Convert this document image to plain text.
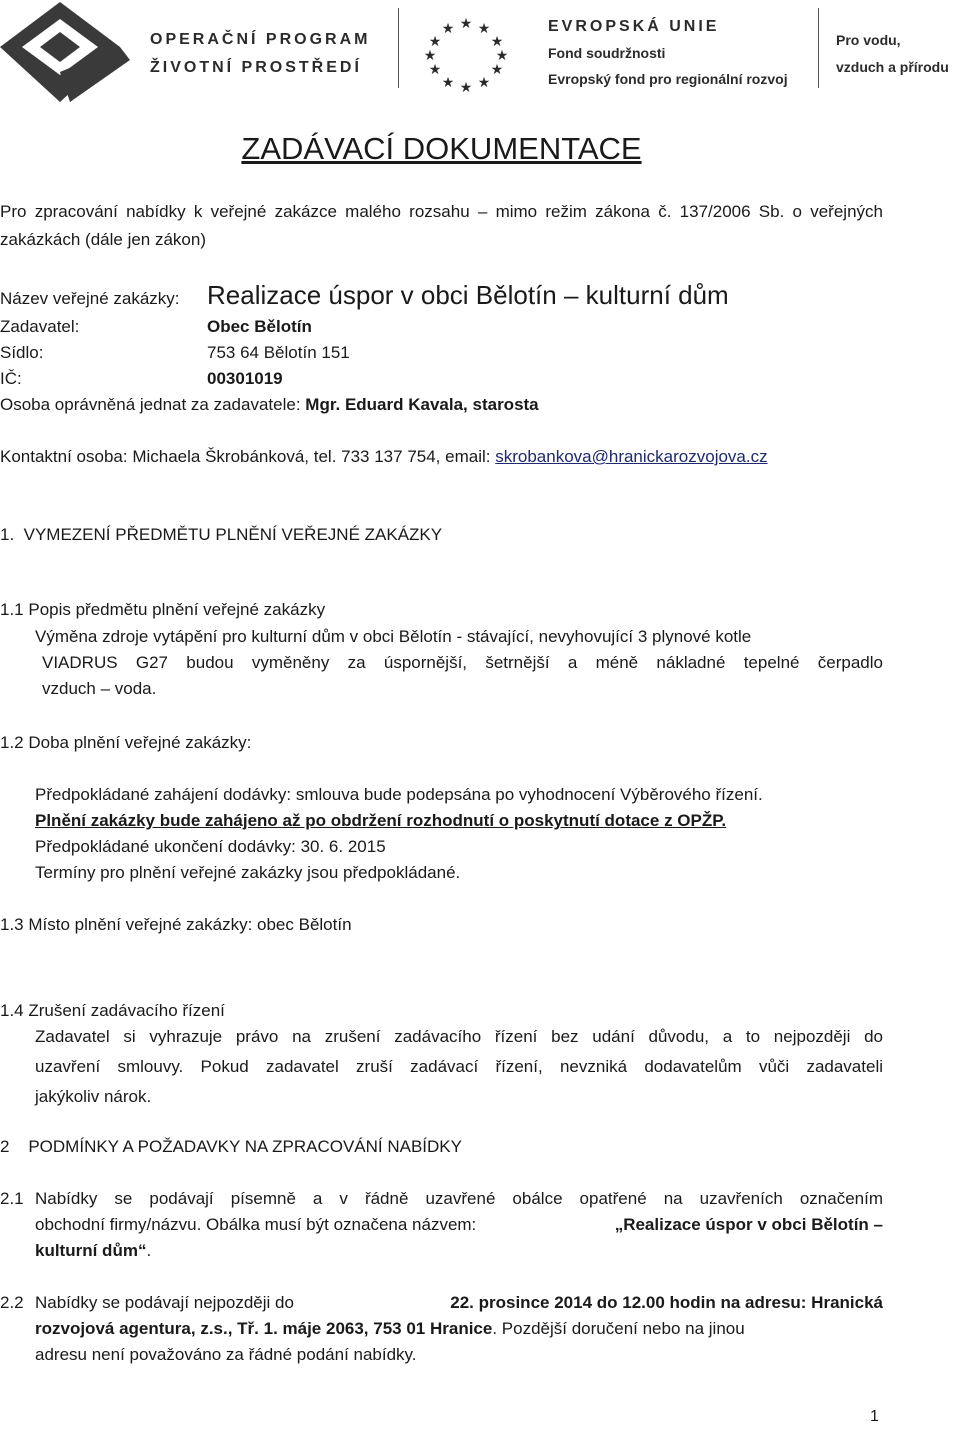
OPERAČNÍ PROGRAM
ŽIVOTNÍ PROSTŘEDÍ
★ ★
★
★
★
★
★
★
★
★
★
★	EVROPSKÁ UNIE
Fond soudržnosti
Evropský fond pro regionální rozvoj
Pro vodu,
vzduch a přírodu
ZADÁVACÍ DOKUMENTACE
Pro zpracování nabídky k veřejné zakázce malého rozsahu – mimo režim zákona č. 137/2006 Sb. o veřejných zakázkách (dále jen zákon)
Název veřejné zakázky: Realizace úspor v obci Bělotín – kulturní dům
Zadavatel:	Obec Bělotín
Sídlo:	753 64 Bělotín 151
IČ:	00301019
Osoba oprávněná jednat za zadavatele: Mgr. Eduard Kavala, starosta
Kontaktní osoba: Michaela Škrobánková, tel. 733 137 754, email: skrobankova@hranickarozvojova.cz
1.  VYMEZENÍ PŘEDMĚTU PLNĚNÍ VEŘEJNÉ ZAKÁZKY
1.1 Popis předmětu plnění veřejné zakázky
Výměna zdroje vytápění pro kulturní dům v obci Bělotín - stávající, nevyhovující 3 plynové kotle
VIADRUS G27 budou vyměněny za úspornější, šetrnější a méně nákladné tepelné čerpadlo
vzduch – voda.
1.2 Doba plnění veřejné zakázky:
Předpokládané zahájení dodávky: smlouva bude podepsána po vyhodnocení Výběrového řízení.
Plnění zakázky bude zahájeno až po obdržení rozhodnutí o poskytnutí dotace z OPŽP.
Předpokládané ukončení dodávky: 30. 6. 2015
Termíny pro plnění veřejné zakázky jsou předpokládané.
1.3 Místo plnění veřejné zakázky: obec Bělotín
1.4 Zrušení zadávacího řízení
Zadavatel si vyhrazuje právo na zrušení zadávacího řízení bez udání důvodu, a to nejpozději do
uzavření smlouvy. Pokud zadavatel zruší zadávací řízení, nevzniká dodavatelům vůči zadavateli
jakýkoliv nárok.
2    PODMÍNKY A POŽADAVKY NA ZPRACOVÁNÍ NABÍDKY
2.1 Nabídky se podávají písemně a v řádně uzavřené obálce opatřené na uzavřeních označením
obchodní firmy/názvu. Obálka musí být označena názvem:	„Realizace úspor v obci Bělotín –
kulturní dům“.
2.2 Nabídky se podávají nejpozději do	22. prosince 2014 do 12.00 hodin na adresu: Hranická
rozvojová agentura, z.s., Tř. 1. máje 2063, 753 01 Hranice. Pozdější doručení nebo na jinou
adresu není považováno za řádné podání nabídky.
1
